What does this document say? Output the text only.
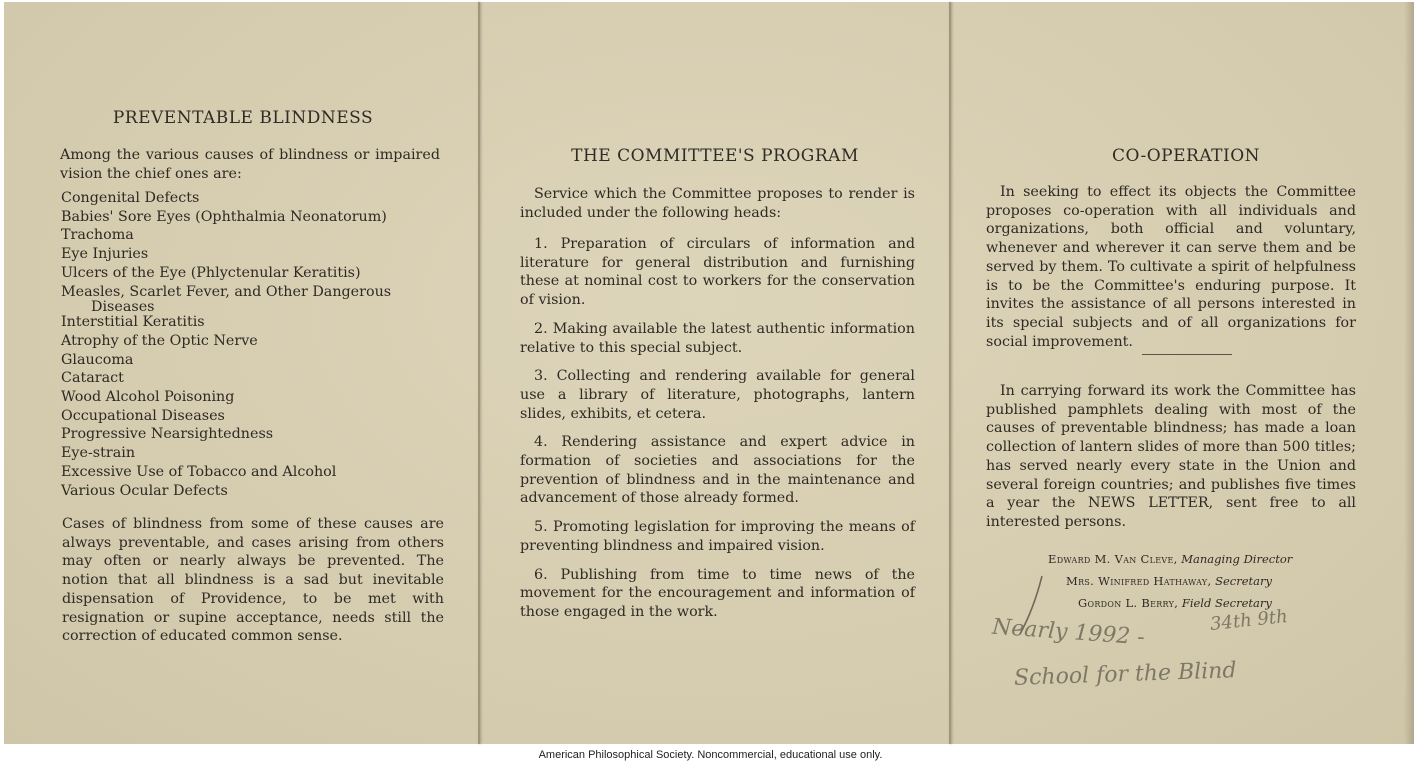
PREVENTABLE BLINDNESS
Among the various causes of blindness or impaired vision the chief ones are:
Congenital Defects
Babies' Sore Eyes (Ophthalmia Neonatorum)
Trachoma
Eye Injuries
Ulcers of the Eye (Phlyctenular Keratitis)
Measles, Scarlet Fever, and Other Dangerous
Diseases
Interstitial Keratitis
Atrophy of the Optic Nerve
Glaucoma
Cataract
Wood Alcohol Poisoning
Occupational Diseases
Progressive Nearsightedness
Eye-strain
Excessive Use of Tobacco and Alcohol
Various Ocular Defects
Cases of blindness from some of these causes are always preventable, and cases arising from others may often or nearly always be prevented. The notion that all blindness is a sad but inevitable dispensation of Providence, to be met with resignation or supine acceptance, needs still the correction of educated common sense.
THE COMMITTEE'S PROGRAM
Service which the Committee proposes to render is included under the following heads:
1. Preparation of circulars of information and literature for general distribution and furnishing these at nominal cost to workers for the conservation of vision.
2. Making available the latest authentic information relative to this special subject.
3. Collecting and rendering available for general use a library of literature, photographs, lantern slides, exhibits, et cetera.
4. Rendering assistance and expert advice in formation of societies and associations for the prevention of blindness and in the maintenance and advancement of those already formed.
5. Promoting legislation for improving the means of preventing blindness and impaired vision.
6. Publishing from time to time news of the movement for the encouragement and information of those engaged in the work.
CO-OPERATION
In seeking to effect its objects the Committee proposes co-operation with all individuals and organizations, both official and voluntary, whenever and wherever it can serve them and be served by them. To cultivate a spirit of helpfulness is to be the Committee's enduring purpose. It invites the assistance of all persons interested in its special subjects and of all organizations for social improvement.
In carrying forward its work the Committee has published pamphlets dealing with most of the causes of preventable blindness; has made a loan collection of lantern slides of more than 500 titles; has served nearly every state in the Union and several foreign countries; and publishes five times a year the NEWS LETTER, sent free to all interested persons.
Edward M. Van Cleve, Managing Director
Mrs. Winifred Hathaway, Secretary
Gordon L. Berry, Field Secretary
Nearly 1992 -	34th 9th
School for the Blind
American Philosophical Society. Noncommercial, educational use only.
